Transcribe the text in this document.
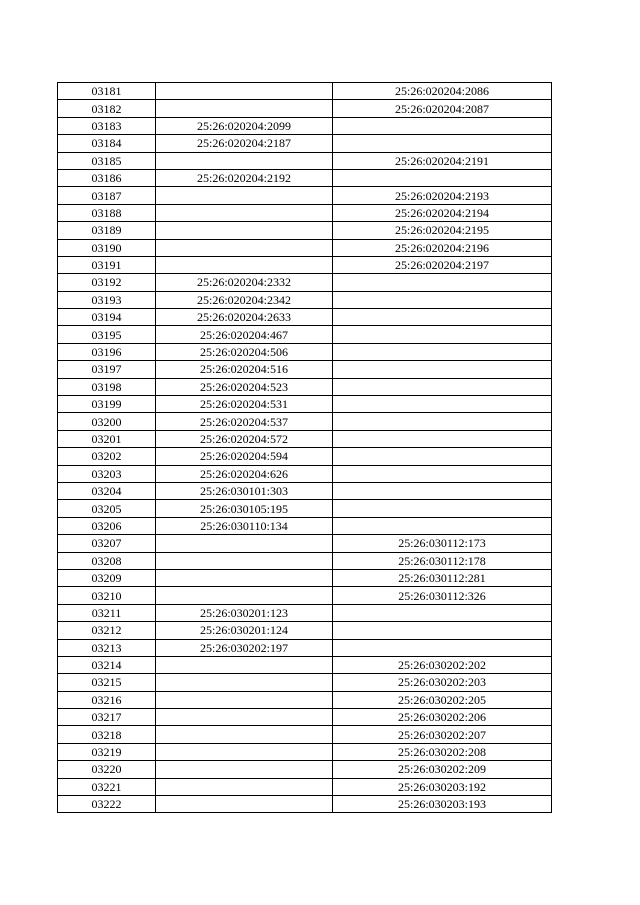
03181		25:26:020204:2086
03182		25:26:020204:2087
03183	25:26:020204:2099	
03184	25:26:020204:2187	
03185		25:26:020204:2191
03186	25:26:020204:2192	
03187		25:26:020204:2193
03188		25:26:020204:2194
03189		25:26:020204:2195
03190		25:26:020204:2196
03191		25:26:020204:2197
03192	25:26:020204:2332	
03193	25:26:020204:2342	
03194	25:26:020204:2633	
03195	25:26:020204:467	
03196	25:26:020204:506	
03197	25:26:020204:516	
03198	25:26:020204:523	
03199	25:26:020204:531	
03200	25:26:020204:537	
03201	25:26:020204:572	
03202	25:26:020204:594	
03203	25:26:020204:626	
03204	25:26:030101:303	
03205	25:26:030105:195	
03206	25:26:030110:134	
03207		25:26:030112:173
03208		25:26:030112:178
03209		25:26:030112:281
03210		25:26:030112:326
03211	25:26:030201:123	
03212	25:26:030201:124	
03213	25:26:030202:197	
03214		25:26:030202:202
03215		25:26:030202:203
03216		25:26:030202:205
03217		25:26:030202:206
03218		25:26:030202:207
03219		25:26:030202:208
03220		25:26:030202:209
03221		25:26:030203:192
03222		25:26:030203:193
